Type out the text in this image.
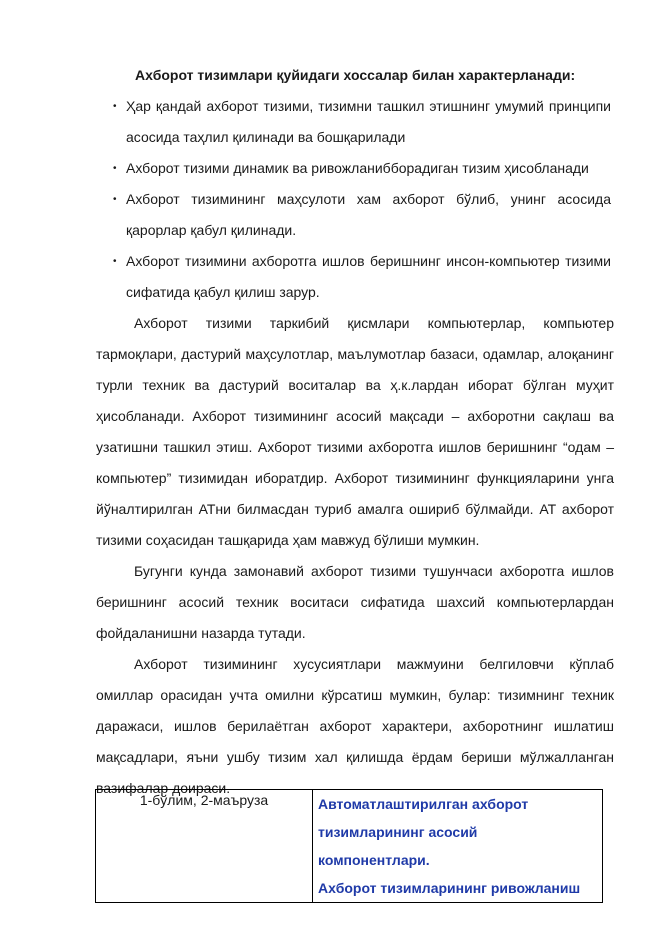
Ахборот тизимлари қуйидаги хоссалар билан характерланади:

• Ҳар қандай ахборот тизими, тизимни ташкил этишнинг умумий принципи асосида таҳлил қилинади ва бошқарилади
• Ахборот тизими динамик ва ривожланибборадиган тизим ҳисобланади
• Ахборот тизимининг маҳсулоти хам ахборот бўлиб, унинг асосида қарорлар қабул қилинади.
• Ахборот тизимини ахборотга ишлов беришнинг инсон-компьютер тизими сифатида қабул қилиш зарур.

Ахборот тизими таркибий қисмлари компьютерлар, компьютер тармоқлари, дастурий маҳсулотлар, маълумотлар базаси, одамлар, алоқанинг турли техник ва дастурий воситалар ва ҳ.к.лардан иборат бўлган муҳит ҳисобланади. Ахборот тизимининг асосий мақсади – ахборотни сақлаш ва узатишни ташкил этиш. Ахборот тизими ахборотга ишлов беришнинг “одам – компьютер” тизимидан иборатдир. Ахборот тизимининг функцияларини унга йўналтирилган АТни билмасдан туриб амалга ошириб бўлмайди. АТ ахборот тизими соҳасидан ташқарида ҳам мавжуд бўлиши мумкин.

Бугунги кунда замонавий ахборот тизими тушунчаси ахборотга ишлов беришнинг асосий техник воситаси сифатида шахсий компьютерлардан фойдаланишни назарда тутади.

Ахборот тизимининг хусусиятлари мажмуини белгиловчи кўплаб омиллар орасидан учта омилни кўрсатиш мумкин, булар: тизимнинг техник даражаси, ишлов берилаётган ахборот характери, ахборотнинг ишлатиш мақсадлари, яъни ушбу тизим хал қилишда ёрдам бериши мўлжалланган вазифалар доираси.

1-бўлим, 2-маъруза	Автоматлаштирилган ахборот
тизимларининг асосий
компонентлари.
Ахборот тизимларининг ривожланиш
